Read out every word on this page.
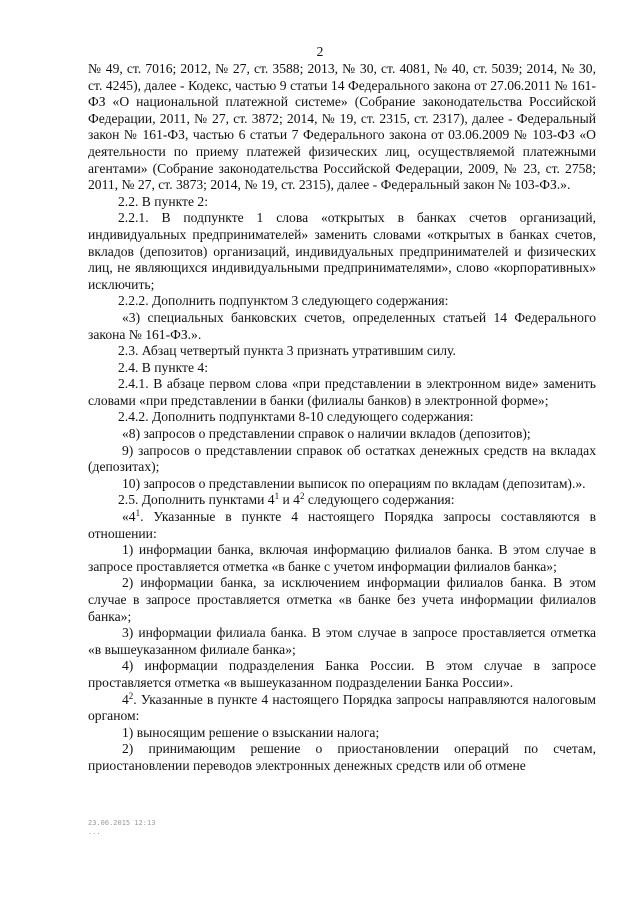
2

№ 49, ст. 7016; 2012, № 27, ст. 3588; 2013, № 30, ст. 4081, № 40, ст. 5039; 2014, № 30, ст. 4245), далее - Кодекс, частью 9 статьи 14 Федерального закона от 27.06.2011 № 161-ФЗ «О национальной платежной системе» (Собрание законодательства Российской Федерации, 2011, № 27, ст. 3872; 2014, № 19, ст. 2315, ст. 2317), далее - Федеральный закон № 161-ФЗ, частью 6 статьи 7 Федерального закона от 03.06.2009 № 103-ФЗ «О деятельности по приему платежей физических лиц, осуществляемой платежными агентами» (Собрание законодательства Российской Федерации, 2009, № 23, ст. 2758; 2011, № 27, ст. 3873; 2014, № 19, ст. 2315), далее - Федеральный закон № 103-ФЗ.».

2.2. В пункте 2:

2.2.1. В подпункте 1 слова «открытых в банках счетов организаций, индивидуальных предпринимателей» заменить словами «открытых в банках счетов, вкладов (депозитов) организаций, индивидуальных предпринимателей и физических лиц, не являющихся индивидуальными предпринимателями», слово «корпоративных» исключить;

2.2.2. Дополнить подпунктом 3 следующего содержания:

«3) специальных банковских счетов, определенных статьей 14 Федерального закона № 161-ФЗ.».

2.3. Абзац четвертый пункта 3 признать утратившим силу.

2.4. В пункте 4:

2.4.1. В абзаце первом слова «при представлении в электронном виде» заменить словами «при представлении в банки (филиалы банков) в электронной форме»;

2.4.2. Дополнить подпунктами 8-10 следующего содержания:

«8) запросов о представлении справок о наличии вкладов (депозитов);

9) запросов о представлении справок об остатках денежных средств на вкладах (депозитах);

10) запросов о представлении выписок по операциям по вкладам (депозитам).».

2.5. Дополнить пунктами $4^1$ и $4^2$ следующего содержания:

«$4^1$. Указанные в пункте 4 настоящего Порядка запросы составляются в отношении:

1) информации банка, включая информацию филиалов банка. В этом случае в запросе проставляется отметка «в банке с учетом информации филиалов банка»;

2) информации банка, за исключением информации филиалов банка. В этом случае в запросе проставляется отметка «в банке без учета информации филиалов банка»;

3) информации филиала банка. В этом случае в запросе проставляется отметка «в вышеуказанном филиале банка»;

4) информации подразделения Банка России. В этом случае в запросе проставляется отметка «в вышеуказанном подразделении Банка России».

$4^2$. Указанные в пункте 4 настоящего Порядка запросы направляются налоговым органом:

1) выносящим решение о взыскании налога;

2) принимающим решение о приостановлении операций по счетам, приостановлении переводов электронных денежных средств или об отмене

23.06.2015 12:13
...
